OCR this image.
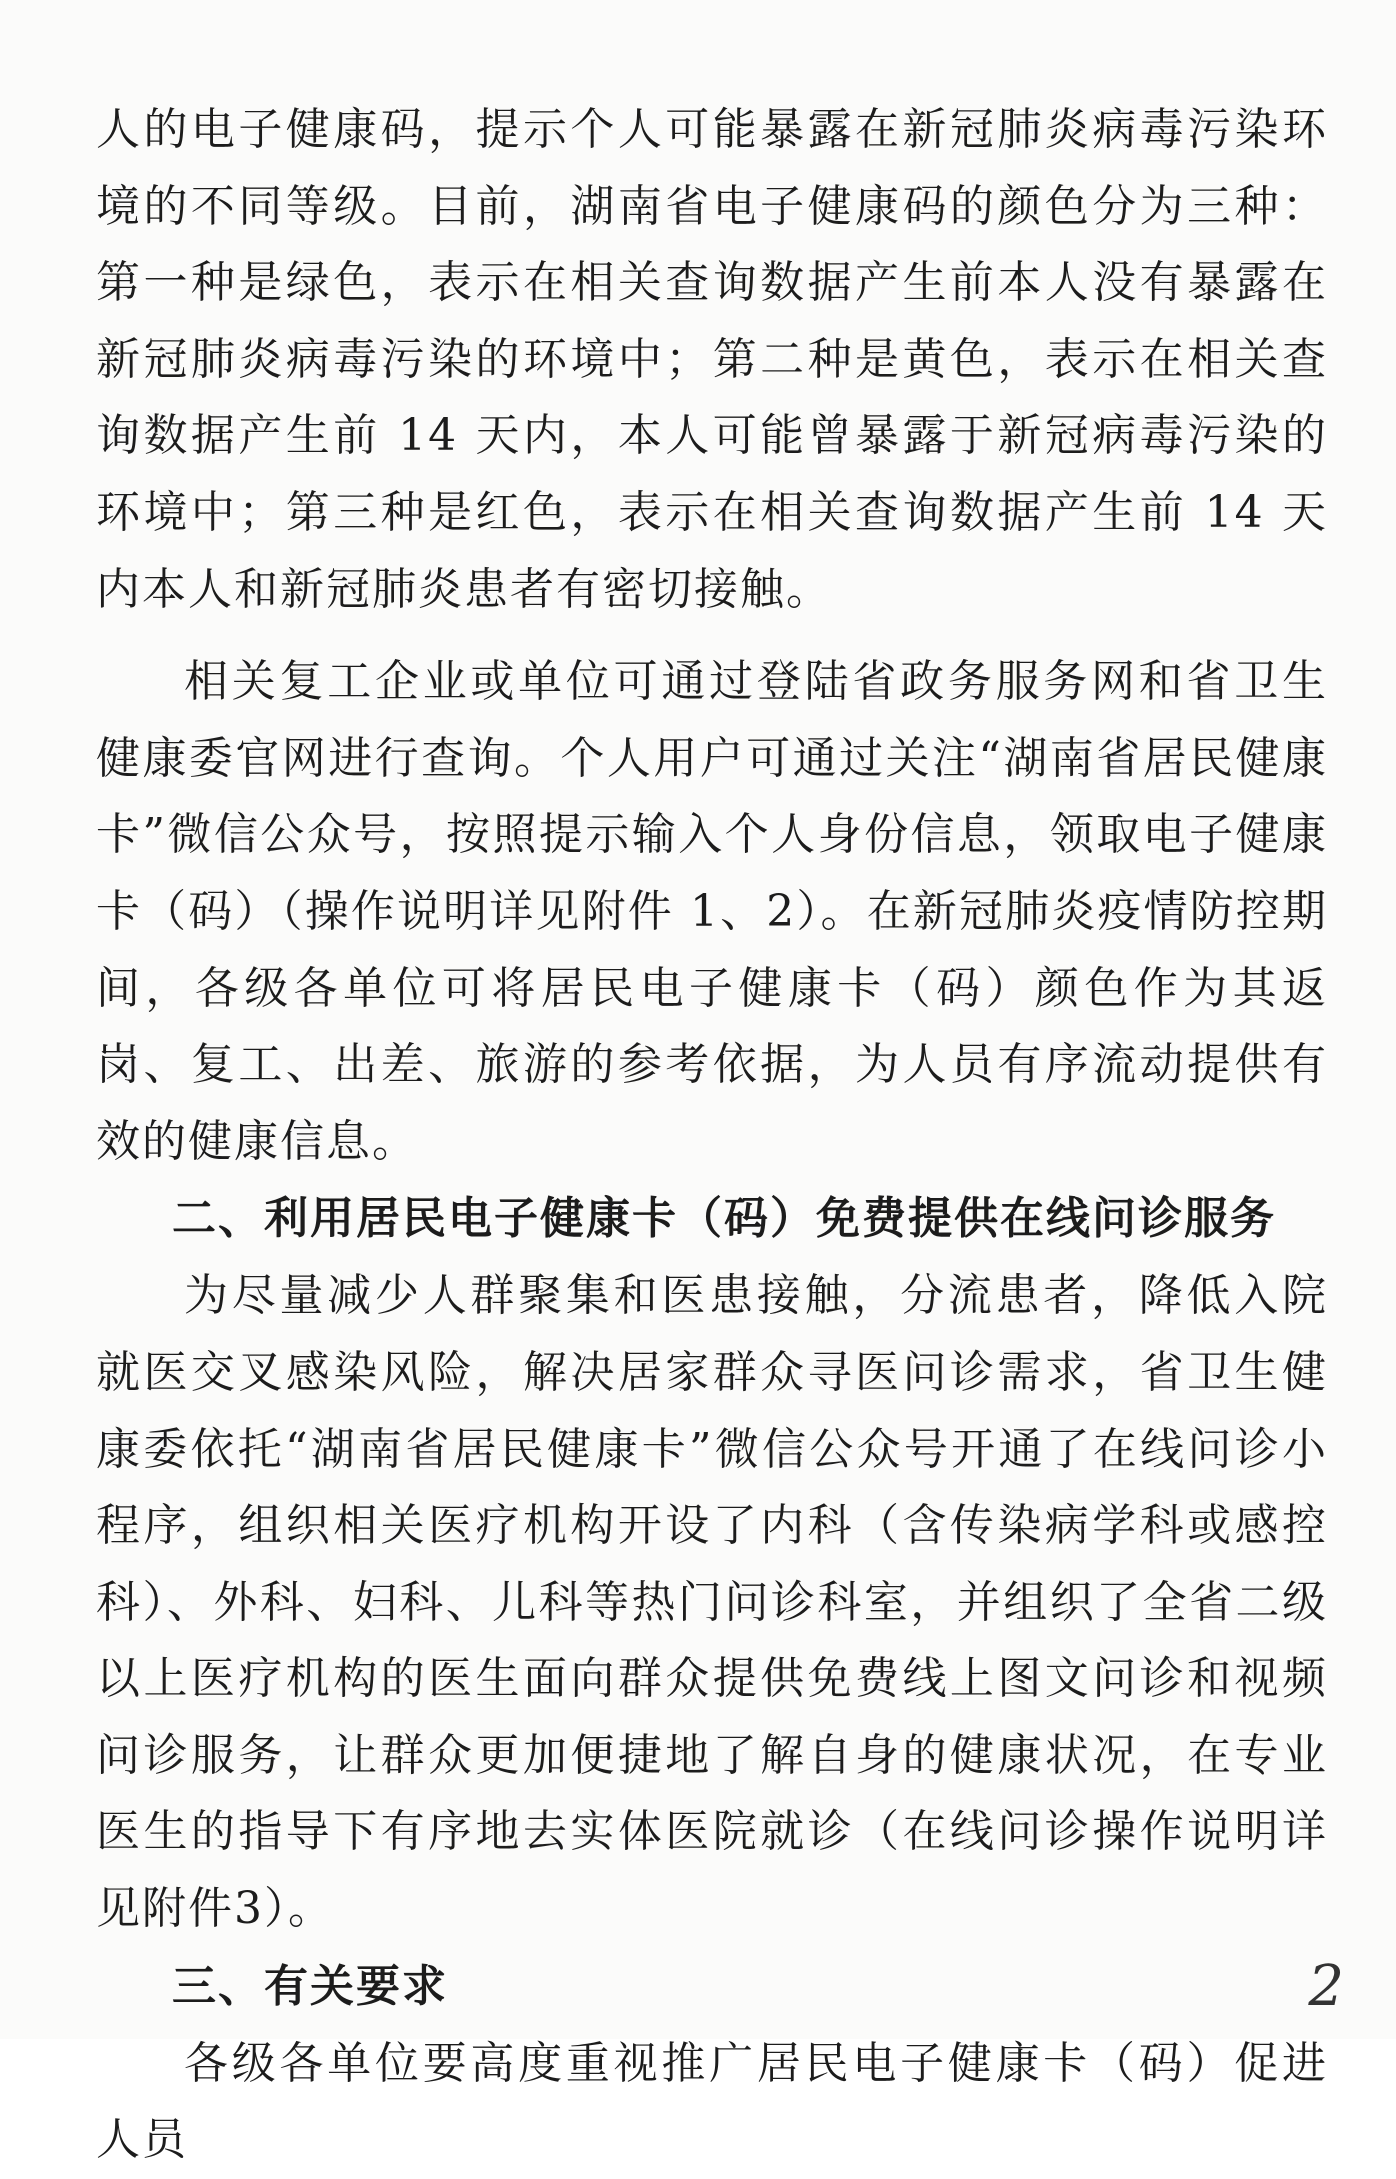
人的电子健康码，提示个人可能暴露在新冠肺炎病毒污染环境的不同等级。目前，湖南省电子健康码的颜色分为三种：第一种是绿色，表示在相关查询数据产生前本人没有暴露在新冠肺炎病毒污染的环境中；第二种是黄色，表示在相关查询数据产生前 14 天内，本人可能曾暴露于新冠病毒污染的环境中；第三种是红色，表示在相关查询数据产生前 14 天内本人和新冠肺炎患者有密切接触。

相关复工企业或单位可通过登陆省政务服务网和省卫生健康委官网进行查询。个人用户可通过关注“湖南省居民健康卡”微信公众号，按照提示输入个人身份信息，领取电子健康卡（码）（操作说明详见附件 1、2）。在新冠肺炎疫情防控期间，各级各单位可将居民电子健康卡（码）颜色作为其返岗、复工、出差、旅游的参考依据，为人员有序流动提供有效的健康信息。

二、利用居民电子健康卡（码）免费提供在线问诊服务

为尽量减少人群聚集和医患接触，分流患者，降低入院就医交叉感染风险，解决居家群众寻医问诊需求，省卫生健康委依托“湖南省居民健康卡”微信公众号开通了在线问诊小程序，组织相关医疗机构开设了内科（含传染病学科或感控科）、外科、妇科、儿科等热门问诊科室，并组织了全省二级以上医疗机构的医生面向群众提供免费线上图文问诊和视频问诊服务，让群众更加便捷地了解自身的健康状况，在专业医生的指导下有序地去实体医院就诊（在线问诊操作说明详见附件3）。

三、有关要求

各级各单位要高度重视推广居民电子健康卡（码）促进人员

2
